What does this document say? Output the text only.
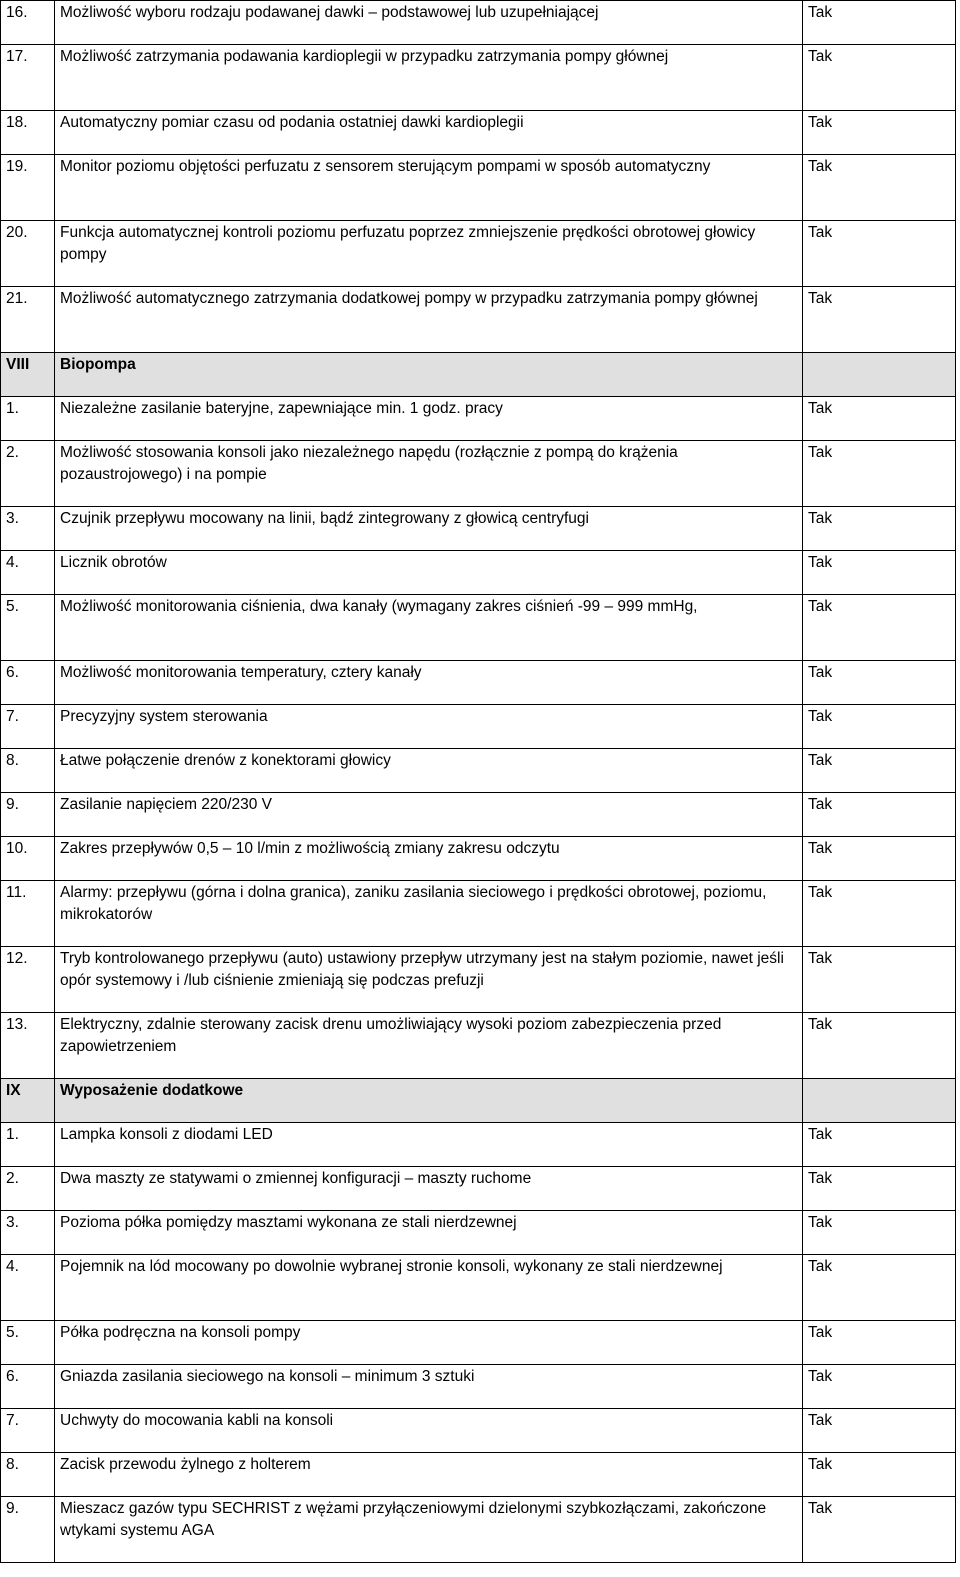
16.	Możliwość wyboru rodzaju podawanej dawki – podstawowej lub uzupełniającej	Tak
17.	Możliwość zatrzymania podawania kardioplegii w przypadku zatrzymania pompy głównej	Tak
18.	Automatyczny pomiar czasu od podania ostatniej dawki kardioplegii	Tak
19.	Monitor poziomu objętości perfuzatu z sensorem sterującym pompami w sposób automatyczny	Tak
20.	Funkcja automatycznej kontroli poziomu perfuzatu poprzez zmniejszenie prędkości obrotowej głowicy pompy	Tak
21.	Możliwość automatycznego zatrzymania dodatkowej pompy w przypadku zatrzymania pompy głównej	Tak
VIII	Biopompa	
1.	Niezależne zasilanie bateryjne, zapewniające min. 1 godz. pracy	Tak
2.	Możliwość stosowania konsoli jako niezależnego napędu (rozłącznie z pompą do krążenia pozaustrojowego) i na pompie	Tak
3.	Czujnik przepływu mocowany na linii, bądź zintegrowany z głowicą centryfugi	Tak
4.	Licznik obrotów	Tak
5.	Możliwość monitorowania ciśnienia, dwa kanały (wymagany zakres ciśnień -99 – 999 mmHg,	Tak
6.	Możliwość monitorowania temperatury, cztery kanały	Tak
7.	Precyzyjny system sterowania	Tak
8.	Łatwe połączenie drenów z konektorami głowicy	Tak
9.	Zasilanie napięciem 220/230 V	Tak
10.	Zakres przepływów 0,5 – 10 l/min z możliwością zmiany zakresu odczytu	Tak
11.	Alarmy: przepływu (górna i dolna granica), zaniku zasilania sieciowego i prędkości obrotowej, poziomu, mikrokatorów	Tak
12.	Tryb kontrolowanego przepływu (auto) ustawiony przepływ utrzymany jest na stałym poziomie, nawet jeśli opór systemowy i /lub ciśnienie zmieniają się podczas prefuzji	Tak
13.	Elektryczny, zdalnie sterowany zacisk drenu umożliwiający wysoki poziom zabezpieczenia przed zapowietrzeniem	Tak
IX	Wyposażenie dodatkowe	
1.	Lampka konsoli z diodami LED	Tak
2.	Dwa maszty ze statywami o zmiennej konfiguracji – maszty ruchome	Tak
3.	Pozioma półka pomiędzy masztami wykonana ze stali nierdzewnej	Tak
4.	Pojemnik na lód mocowany po dowolnie wybranej stronie konsoli, wykonany ze stali nierdzewnej	Tak
5.	Półka podręczna na konsoli pompy	Tak
6.	Gniazda zasilania sieciowego na konsoli – minimum 3 sztuki	Tak
7.	Uchwyty do mocowania kabli na konsoli	Tak
8.	Zacisk przewodu żylnego z holterem	Tak
9.	Mieszacz gazów typu SECHRIST z wężami przyłączeniowymi dzielonymi szybkozłączami, zakończone wtykami systemu AGA	Tak
